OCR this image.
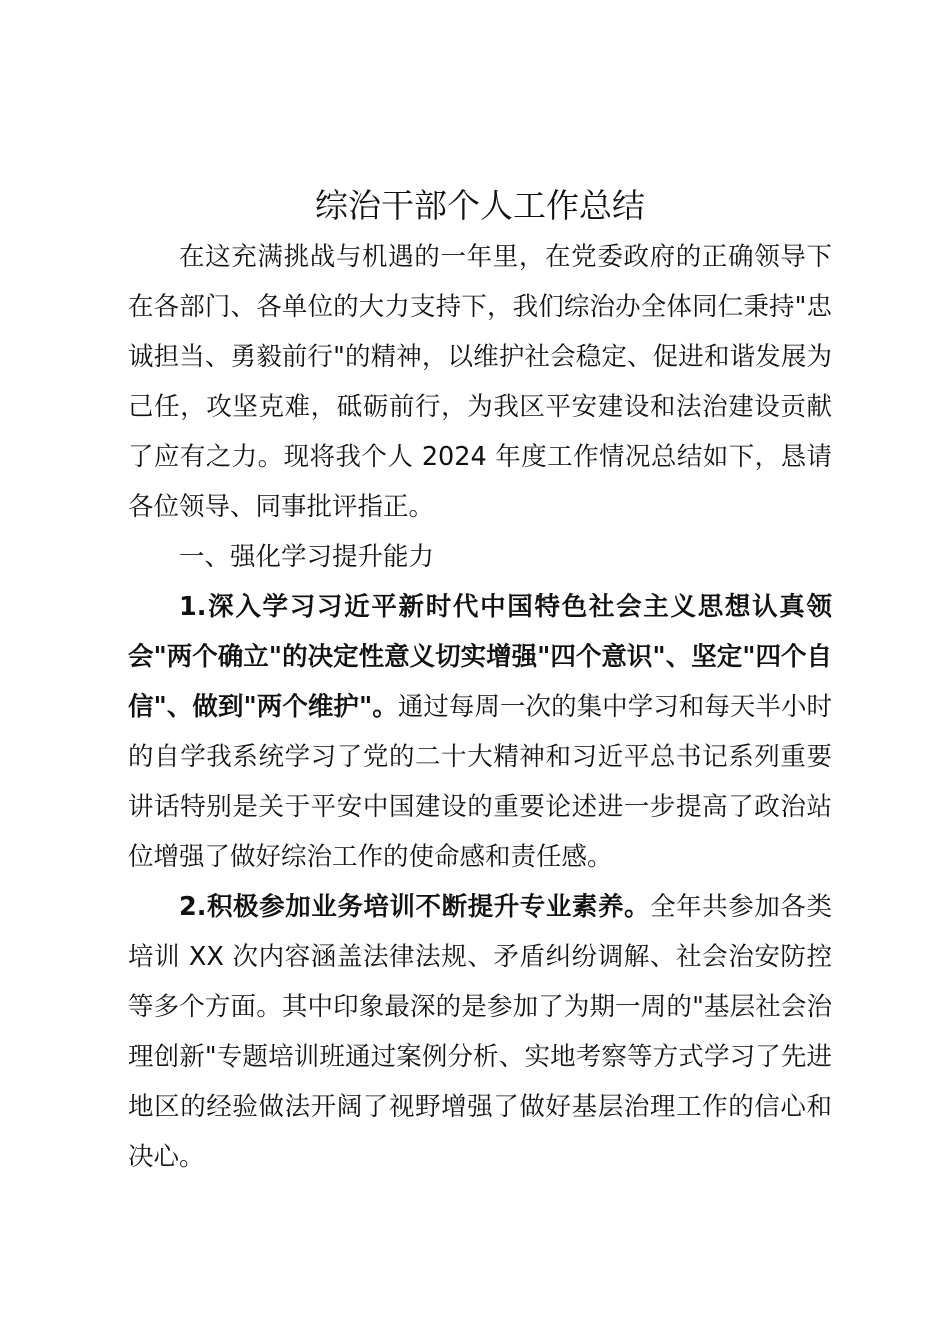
综治干部个人工作总结

在这充满挑战与机遇的一年里，在党委政府的正确领导下在各部门、各单位的大力支持下，我们综治办全体同仁秉持"忠诚担当、勇毅前行"的精神，以维护社会稳定、促进和谐发展为己任，攻坚克难，砥砺前行，为我区平安建设和法治建设贡献了应有之力。现将我个人 2024 年度工作情况总结如下，恳请各位领导、同事批评指正。

一、强化学习提升能力

1.深入学习习近平新时代中国特色社会主义思想认真领会"两个确立"的决定性意义切实增强"四个意识"、坚定"四个自信"、做到"两个维护"。通过每周一次的集中学习和每天半小时的自学我系统学习了党的二十大精神和习近平总书记系列重要讲话特别是关于平安中国建设的重要论述进一步提高了政治站位增强了做好综治工作的使命感和责任感。

2.积极参加业务培训不断提升专业素养。全年共参加各类培训 XX 次内容涵盖法律法规、矛盾纠纷调解、社会治安防控等多个方面。其中印象最深的是参加了为期一周的"基层社会治理创新"专题培训班通过案例分析、实地考察等方式学习了先进地区的经验做法开阔了视野增强了做好基层治理工作的信心和决心。
